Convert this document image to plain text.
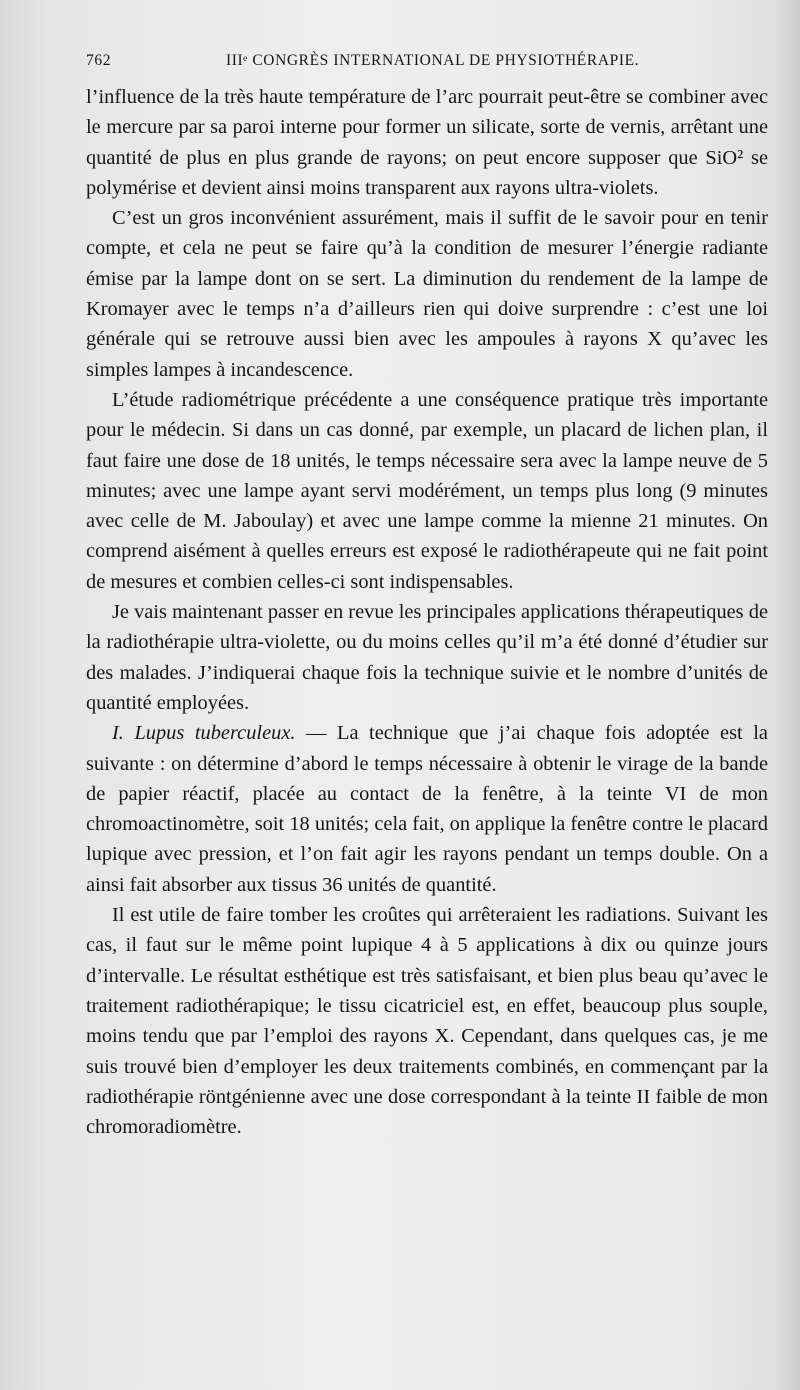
762	IIIᵉ CONGRÈS INTERNATIONAL DE PHYSIOTHÉRAPIE.

l’influence de la très haute température de l’arc pourrait peut-être se combiner avec le mercure par sa paroi interne pour former un silicate, sorte de vernis, arrêtant une quantité de plus en plus grande de rayons; on peut encore supposer que SiO² se polymérise et devient ainsi moins transparent aux rayons ultra-violets.

C’est un gros inconvénient assurément, mais il suffit de le savoir pour en tenir compte, et cela ne peut se faire qu’à la condition de mesurer l’énergie radiante émise par la lampe dont on se sert. La diminution du rendement de la lampe de Kromayer avec le temps n’a d’ailleurs rien qui doive surprendre : c’est une loi générale qui se retrouve aussi bien avec les ampoules à rayons X qu’avec les simples lampes à incandescence.

L’étude radiométrique précédente a une conséquence pratique très importante pour le médecin. Si dans un cas donné, par exemple, un placard de lichen plan, il faut faire une dose de 18 unités, le temps nécessaire sera avec la lampe neuve de 5 minutes; avec une lampe ayant servi modérément, un temps plus long (9 minutes avec celle de M. Jaboulay) et avec une lampe comme la mienne 21 minutes. On comprend aisément à quelles erreurs est exposé le radiothérapeute qui ne fait point de mesures et combien celles-ci sont indispensables.

Je vais maintenant passer en revue les principales applications thérapeutiques de la radiothérapie ultra-violette, ou du moins celles qu’il m’a été donné d’étudier sur des malades. J’indiquerai chaque fois la technique suivie et le nombre d’unités de quantité employées.

I. Lupus tuberculeux. — La technique que j’ai chaque fois adoptée est la suivante : on détermine d’abord le temps nécessaire à obtenir le virage de la bande de papier réactif, placée au contact de la fenêtre, à la teinte VI de mon chromoactinomètre, soit 18 unités; cela fait, on applique la fenêtre contre le placard lupique avec pression, et l’on fait agir les rayons pendant un temps double. On a ainsi fait absorber aux tissus 36 unités de quantité.

Il est utile de faire tomber les croûtes qui arrêteraient les radiations. Suivant les cas, il faut sur le même point lupique 4 à 5 applications à dix ou quinze jours d’intervalle. Le résultat esthétique est très satisfaisant, et bien plus beau qu’avec le traitement radiothérapique; le tissu cicatriciel est, en effet, beaucoup plus souple, moins tendu que par l’emploi des rayons X. Cependant, dans quelques cas, je me suis trouvé bien d’employer les deux traitements combinés, en commençant par la radiothérapie röntgénienne avec une dose correspondant à la teinte II faible de mon chromoradiomètre.
